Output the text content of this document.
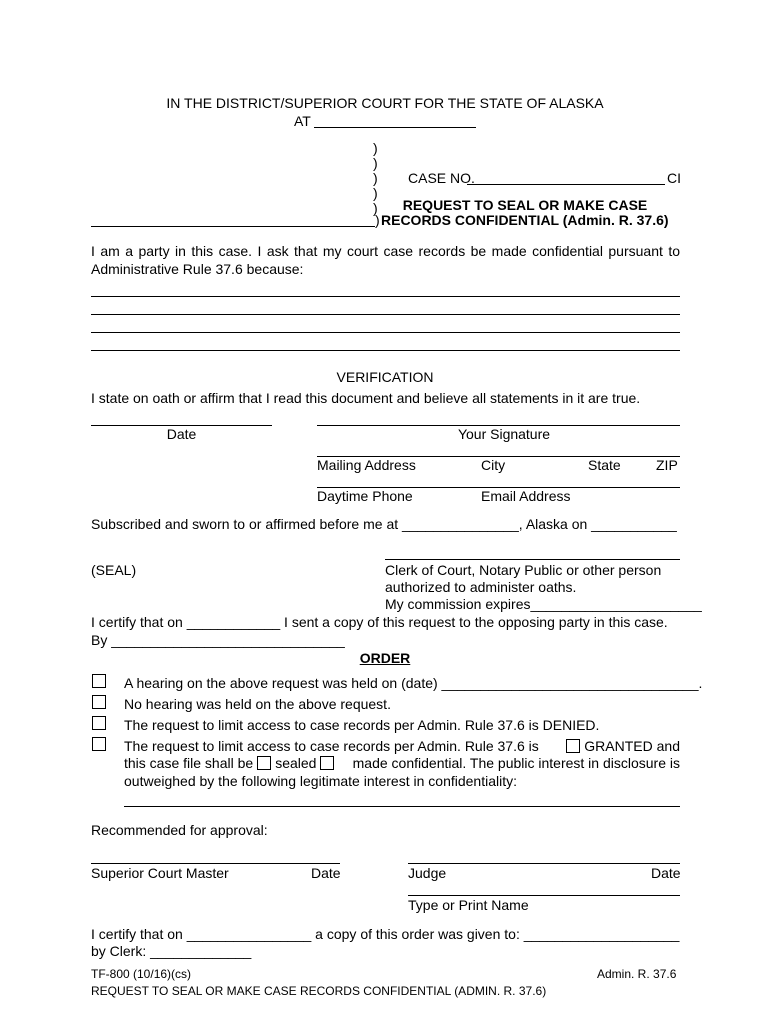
IN THE DISTRICT/SUPERIOR COURT FOR THE STATE OF ALASKA
AT
)
)
)
)
)
)
CASE NO.	CI
REQUEST TO SEAL OR MAKE CASE
RECORDS CONFIDENTIAL (Admin. R. 37.6)
I am a party in this case. I ask that my court case records be made confidential pursuant to Administrative Rule 37.6 because:
VERIFICATION
I state on oath or affirm that I read this document and believe all statements in it are true.
Date	Your Signature
Mailing Address	City	State	ZIP
Daytime Phone	Email Address
Subscribed and sworn to or affirmed before me at _______________, Alaska on ___________
(SEAL)	Clerk of Court, Notary Public or other person
authorized to administer oaths.
My commission expires______________________
I certify that on ____________ I sent a copy of this request to the opposing party in this case.
By ______________________________
ORDER
A hearing on the above request was held on (date) _________________________________.
No hearing was held on the above request.
The request to limit access to case records per Admin. Rule 37.6 is DENIED.
The request to limit access to case records per Admin. Rule 37.6 is	GRANTED and
this case file shall be sealed	made confidential. The public interest in disclosure is
outweighed by the following legitimate interest in confidentiality:
Recommended for approval:
Superior Court Master	Date	Judge	Date
Type or Print Name
I certify that on ________________ a copy of this order was given to: ____________________
by Clerk: _____________
TF-800 (10/16)(cs)	Admin. R. 37.6
REQUEST TO SEAL OR MAKE CASE RECORDS CONFIDENTIAL (ADMIN. R. 37.6)
